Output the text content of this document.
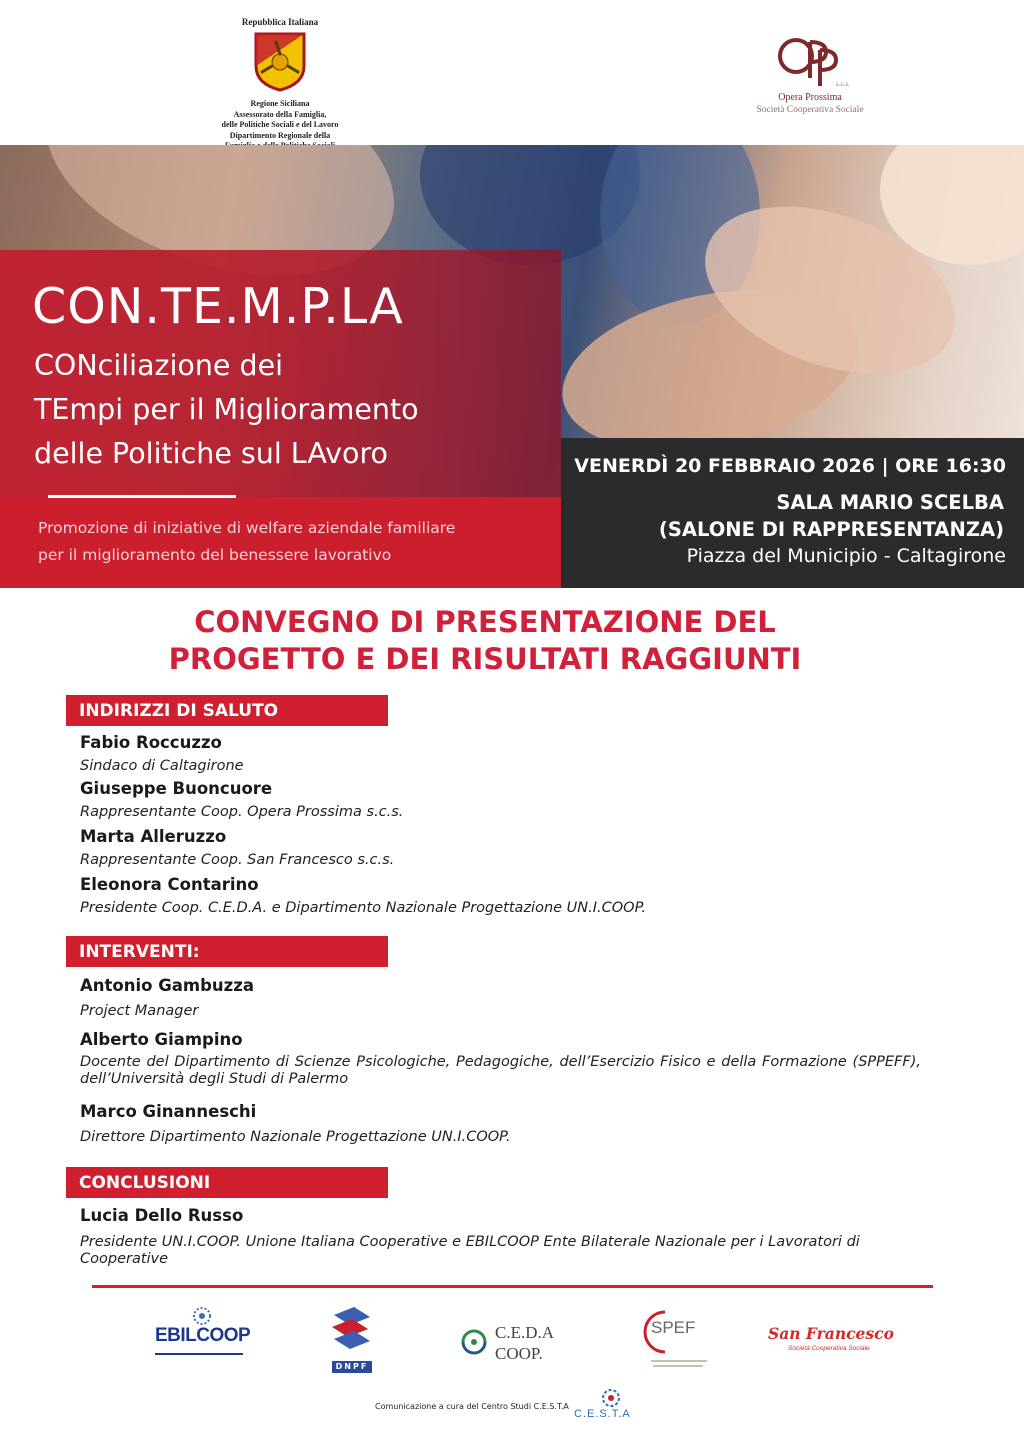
Repubblica Italiana
Regione Siciliana
Assessorato della Famiglia,
delle Politiche Sociali e del Lavoro
Dipartimento Regionale della
s.c.s.
Opera Prossima
Società Cooperativa Sociale
CON.TE.M.P.LA
CONciliazione dei
TEmpi per il Miglioramento
delle Politiche sul LAvoro
Promozione di iniziative di welfare aziendale familiare
per il miglioramento del benessere lavorativo
VENERDÌ 20 FEBBRAIO 2026 | ORE 16:30
SALA MARIO SCELBA
(SALONE DI RAPPRESENTANZA)
Piazza del Municipio - Caltagirone
CONVEGNO DI PRESENTAZIONE DEL
PROGETTO E DEI RISULTATI RAGGIUNTI
INDIRIZZI DI SALUTO
Fabio Roccuzzo
Sindaco di Caltagirone
Giuseppe Buoncuore
Rappresentante Coop. Opera Prossima s.c.s.
Marta Alleruzzo
Rappresentante Coop. San Francesco s.c.s.
Eleonora Contarino
Presidente Coop. C.E.D.A. e Dipartimento Nazionale Progettazione UN.I.COOP.
INTERVENTI:
Antonio Gambuzza
Project Manager
Alberto Giampino
Docente del Dipartimento di Scienze Psicologiche, Pedagogiche, dell’Esercizio Fisico e della Formazione (SPPEFF), dell’Università degli Studi di Palermo
Marco Ginanneschi
Direttore Dipartimento Nazionale Progettazione UN.I.COOP.
CONCLUSIONI
Lucia Dello Russo
Presidente UN.I.COOP. Unione Italiana Cooperative e EBILCOOP Ente Bilaterale Nazionale per i Lavoratori di Cooperative
EBILCOOP
DNPF
C.E.D.A
COOP.
SPEF	San Francesco
Società Cooperativa Sociale
Comunicazione a cura del Centro Studi C.E.S.T.A
C.E.S.T.A
